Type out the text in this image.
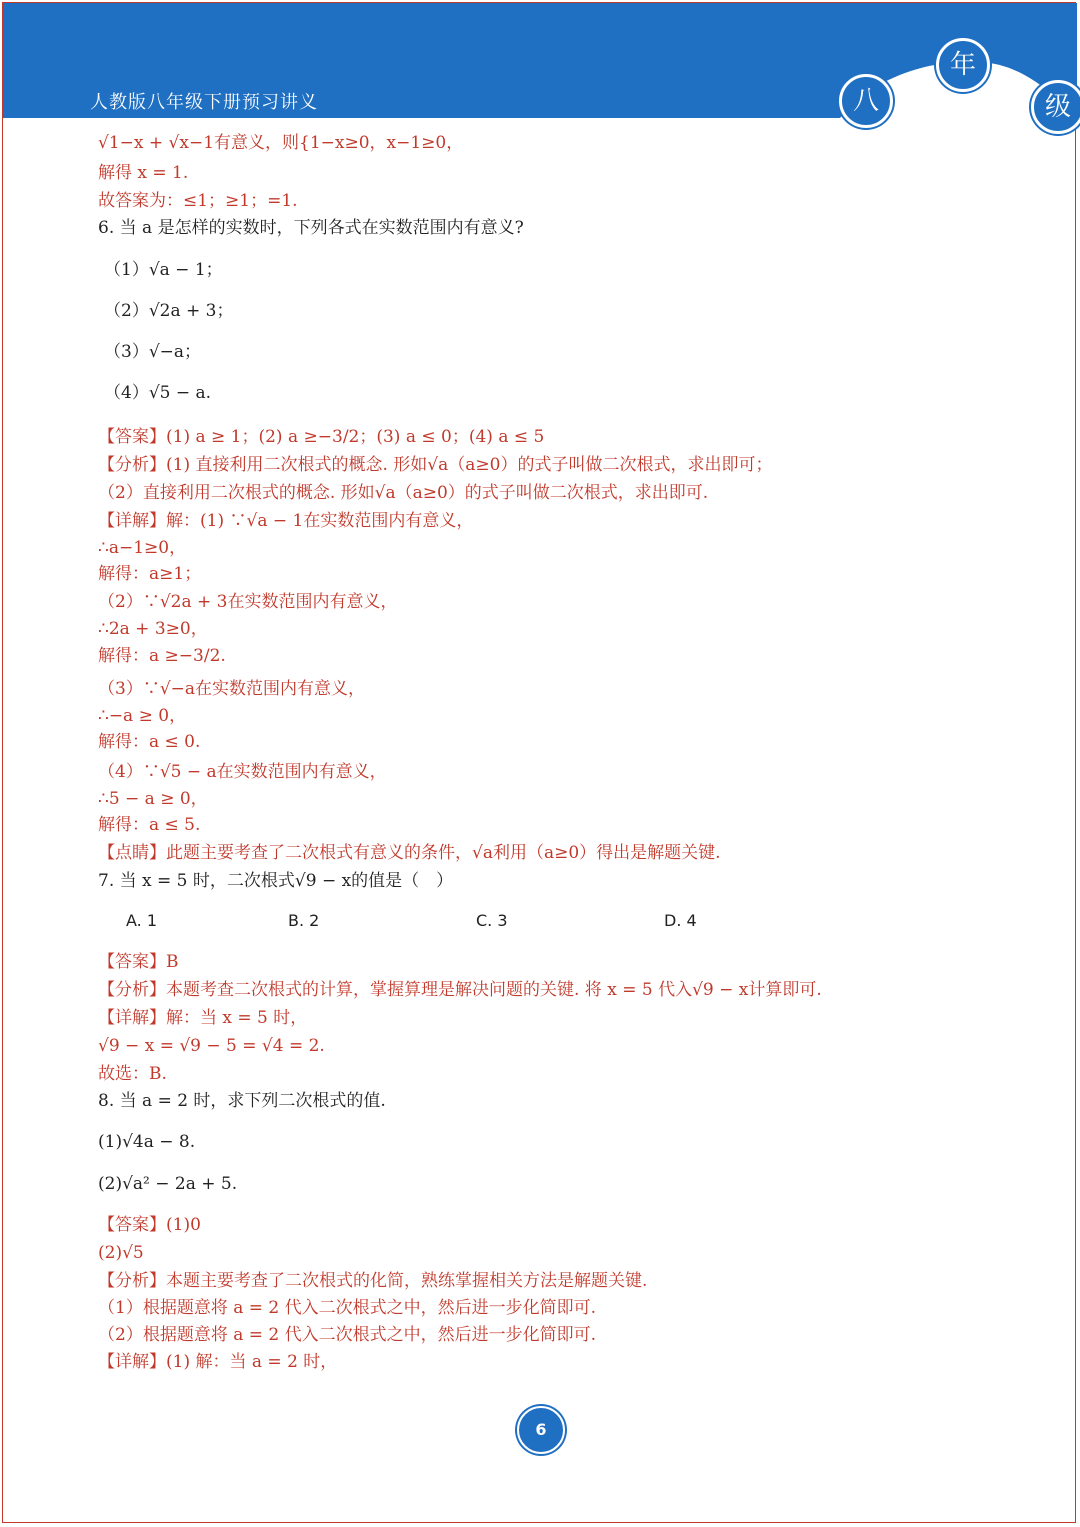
人教版八年级下册预习讲义	八
年
级
√1−x + √x−1有意义，则{1−x≥0，x−1≥0，
解得 x = 1.
故答案为：≤1；≥1；=1.
6. 当 a 是怎样的实数时，下列各式在实数范围内有意义?
（1）√a − 1；
（2）√2a + 3；
（3）√−a；
（4）√5 − a.
【答案】(1) a ≥ 1；(2) a ≥−3/2；(3) a ≤ 0；(4) a ≤ 5
【分析】(1) 直接利用二次根式的概念. 形如√a（a≥0）的式子叫做二次根式，求出即可；
（2）直接利用二次根式的概念. 形如√a（a≥0）的式子叫做二次根式，求出即可.
【详解】解：(1) ∵√a − 1在实数范围内有意义，
∴a−1≥0，
解得：a≥1；
（2）∵√2a + 3在实数范围内有意义，
∴2a + 3≥0，
解得：a ≥−3/2.
（3）∵√−a在实数范围内有意义，
∴−a ≥ 0，
解得：a ≤ 0.
（4）∵√5 − a在实数范围内有意义，
∴5 − a ≥ 0，
解得：a ≤ 5.
【点睛】此题主要考查了二次根式有意义的条件，√a利用（a≥0）得出是解题关键.
7. 当 x = 5 时，二次根式√9 − x的值是（　）
A. 1	B. 2	C. 3	D. 4
【答案】B
【分析】本题考查二次根式的计算，掌握算理是解决问题的关键. 将 x = 5 代入√9 − x计算即可.
【详解】解：当 x = 5 时，
√9 − x = √9 − 5 = √4 = 2.
故选：B.
8. 当 a = 2 时，求下列二次根式的值.
(1)√4a − 8.
(2)√a² − 2a + 5.
【答案】(1)0
(2)√5
【分析】本题主要考查了二次根式的化简，熟练掌握相关方法是解题关键.
（1）根据题意将 a = 2 代入二次根式之中，然后进一步化简即可.
（2）根据题意将 a = 2 代入二次根式之中，然后进一步化简即可.
【详解】(1) 解：当 a = 2 时，
6
